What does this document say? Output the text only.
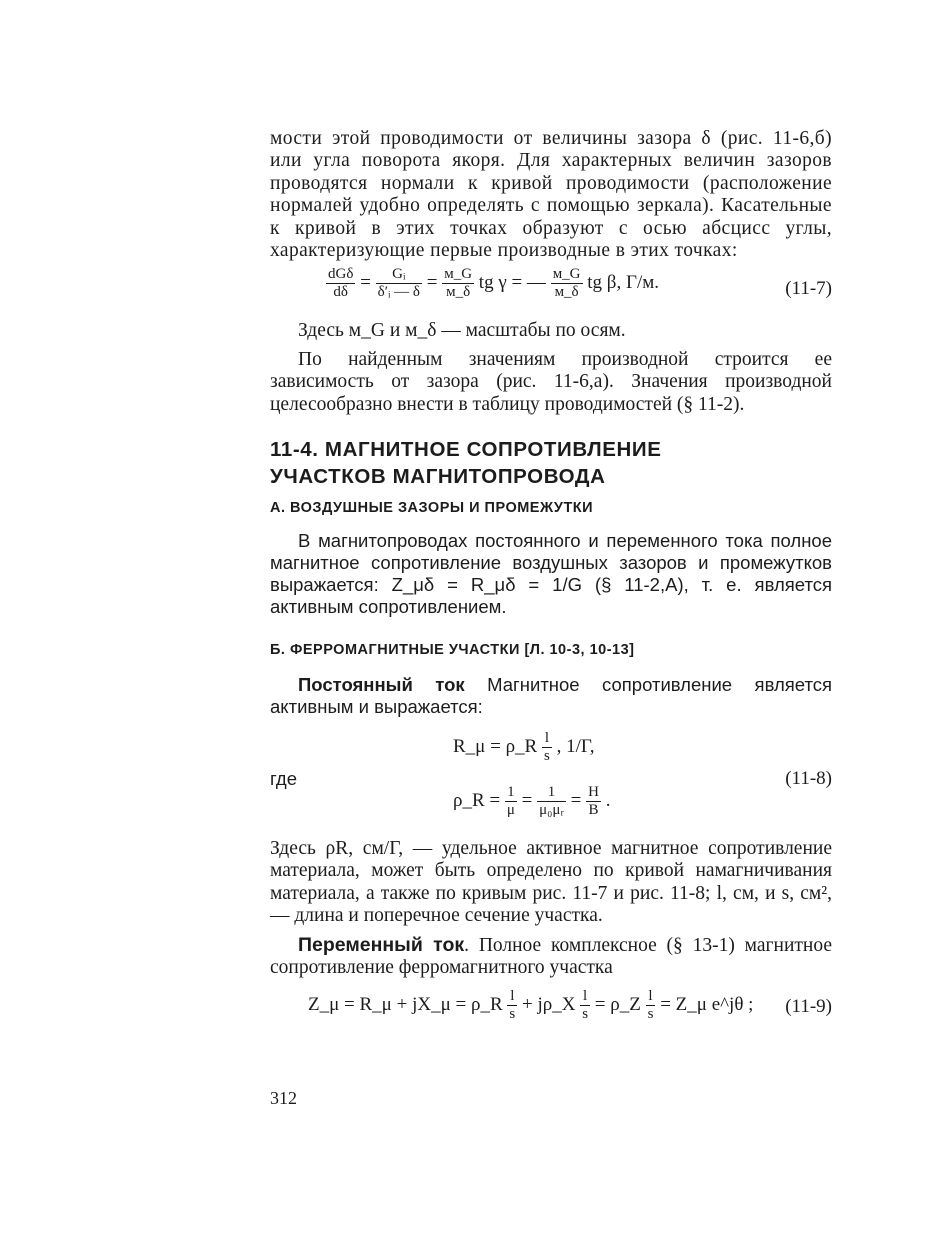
мости этой проводимости от величины зазора δ (рис. 11-6,б) или угла поворота якоря. Для характерных величин зазоров проводятся нормали к кривой проводимости (расположение нормалей удобно определять с помощью зеркала). Касательные к кривой в этих точках образуют с осью абсцисс углы, характеризующие первые производные в этих точках:

$\frac{\text{dGδ}}{d\delta} = \frac{\text{Gᵢ}}{\text{δ′ᵢ — δ}} = \frac{м\_G}{м\_\delta}$ tg γ = — $\frac{м\_G}{м\_\delta}$ tg β, Г/м.	(11-7)

Здесь м_G и м_δ — масштабы по осям.

По найденным значениям производной строится ее зависимость от зазора (рис. 11-6,а). Значения производной целесообразно внести в таблицу проводимостей (§ 11-2).

11-4. МАГНИТНОЕ СОПРОТИВЛЕНИЕ

УЧАСТКОВ МАГНИТОПРОВОДА

А. ВОЗДУШНЫЕ ЗАЗОРЫ И ПРОМЕЖУТКИ

В магнитопроводах постоянного и переменного тока полное магнитное сопротивление воздушных зазоров и промежутков выражается: Z_μδ = R_μδ = 1/G (§ 11-2,А), т. е. является активным сопротивлением.

Б. ФЕРРОМАГНИТНЫЕ УЧАСТКИ [Л. 10-3, 10-13]

Постоянный ток Магнитное сопротивление является активным и выражается:

R_μ = ρ_R $\frac{l}{s}$ , 1/Г,
где	(11-8)
ρ_R = $\frac{1}{\mu} = \frac{1}{\text{μ₀μᵣ}} = \frac{H}{B}$ .

Здесь ρR, см/Г, — удельное активное магнитное сопротивление материала, может быть определено по кривой намагничивания материала, а также по кривым рис. 11-7 и рис. 11-8; l, см, и s, см², — длина и поперечное сечение участка.

Переменный ток. Полное комплексное (§ 13-1) магнитное сопротивление ферромагнитного участка

Z_μ = R_μ + jX_μ = ρ_R $\frac{l}{s}$ + jρ_X $\frac{l}{s}$ = ρ_Z $\frac{l}{s}$ = Z_μ e^jθ ; (11-9)
312
